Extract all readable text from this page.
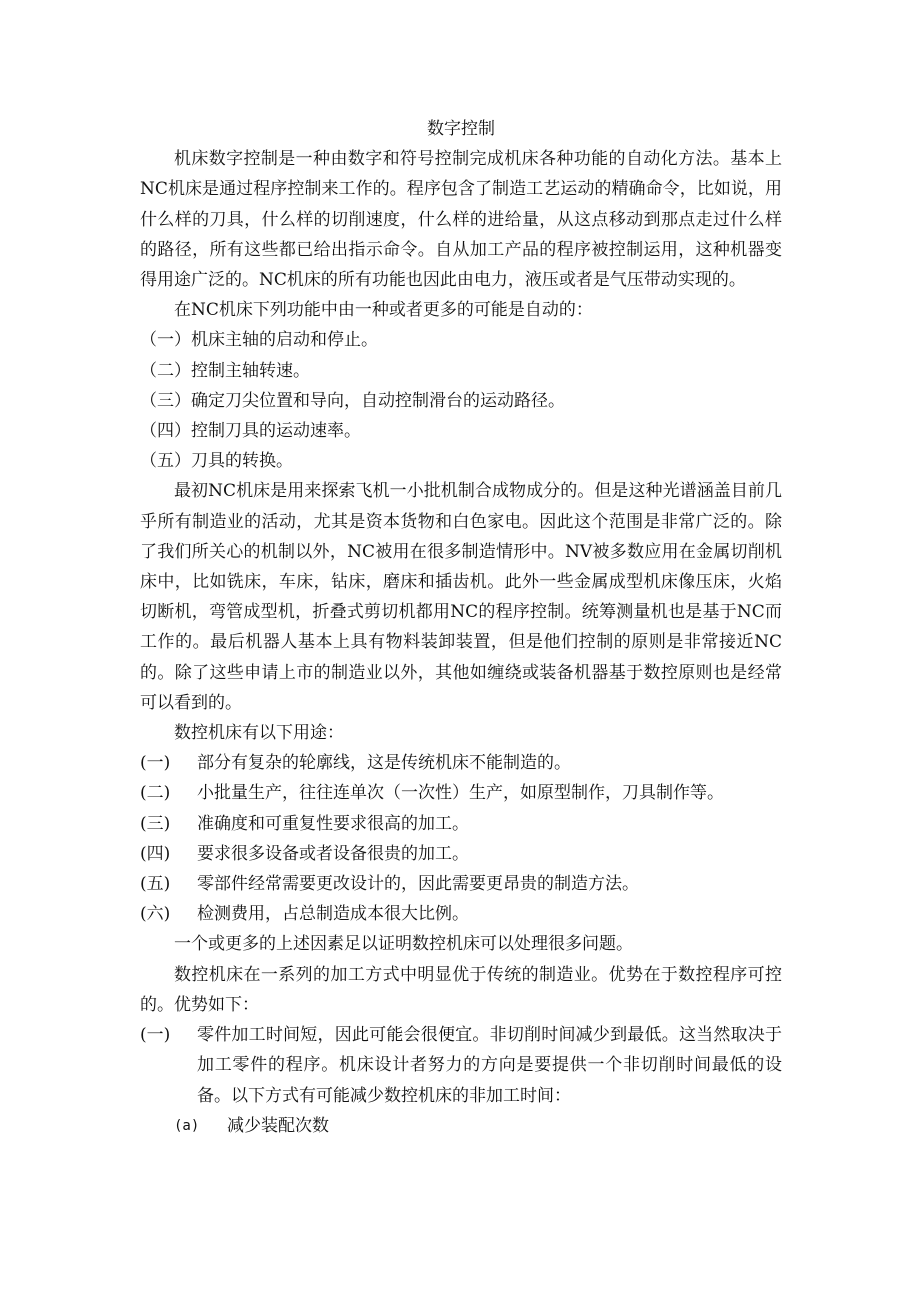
数字控制

机床数字控制是一种由数字和符号控制完成机床各种功能的自动化方法。基本上NC机床是通过程序控制来工作的。程序包含了制造工艺运动的精确命令，比如说，用什么样的刀具，什么样的切削速度，什么样的进给量，从这点移动到那点走过什么样的路径，所有这些都已给出指示命令。自从加工产品的程序被控制运用，这种机器变得用途广泛的。NC机床的所有功能也因此由电力，液压或者是气压带动实现的。

在NC机床下列功能中由一种或者更多的可能是自动的：

（一）机床主轴的启动和停止。

（二）控制主轴转速。

（三）确定刀尖位置和导向，自动控制滑台的运动路径。

（四）控制刀具的运动速率。

（五）刀具的转换。

最初NC机床是用来探索飞机一小批机制合成物成分的。但是这种光谱涵盖目前几乎所有制造业的活动，尤其是资本货物和白色家电。因此这个范围是非常广泛的。除了我们所关心的机制以外，NC被用在很多制造情形中。NV被多数应用在金属切削机床中，比如铣床，车床，钻床，磨床和插齿机。此外一些金属成型机床像压床，火焰切断机，弯管成型机，折叠式剪切机都用NC的程序控制。统筹测量机也是基于NC而工作的。最后机器人基本上具有物料装卸装置，但是他们控制的原则是非常接近NC的。除了这些申请上市的制造业以外，其他如缠绕或装备机器基于数控原则也是经常可以看到的。

数控机床有以下用途：

(一) 部分有复杂的轮廓线，这是传统机床不能制造的。

(二) 小批量生产，往往连单次（一次性）生产，如原型制作，刀具制作等。

(三) 准确度和可重复性要求很高的加工。

(四) 要求很多设备或者设备很贵的加工。

(五) 零部件经常需要更改设计的，因此需要更昂贵的制造方法。

(六) 检测费用，占总制造成本很大比例。

一个或更多的上述因素足以证明数控机床可以处理很多问题。

数控机床在一系列的加工方式中明显优于传统的制造业。优势在于数控程序可控的。优势如下：

(一) 零件加工时间短，因此可能会很便宜。非切削时间减少到最低。这当然取决于加工零件的程序。机床设计者努力的方向是要提供一个非切削时间最低的设备。以下方式有可能减少数控机床的非加工时间：

(a) 减少装配次数
